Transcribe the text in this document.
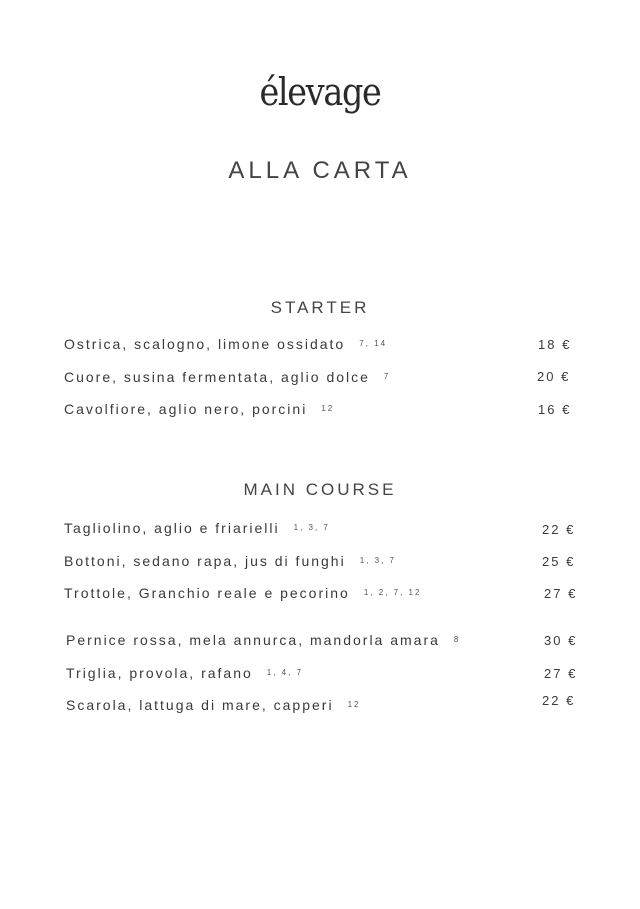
élevage
ALLA CARTA
STARTER
Ostrica, scalogno, limone ossidato $^{7, 14}$	18 €
Cuore, susina fermentata, aglio dolce $^7$	20 €
Cavolfiore, aglio nero, porcini $^{12}$	16 €
MAIN COURSE
Tagliolino, aglio e friarielli $^{1, 3, 7}$	22 €
Bottoni, sedano rapa, jus di funghi $^{1, 3, 7}$	25 €
Trottole, Granchio reale e pecorino $^{1, 2, 7, 12}$	27 €
Pernice rossa, mela annurca, mandorla amara $^8$	30 €
Triglia, provola, rafano $^{1, 4, 7}$	27 €
Scarola, lattuga di mare, capperi $^{12}$	22 €
